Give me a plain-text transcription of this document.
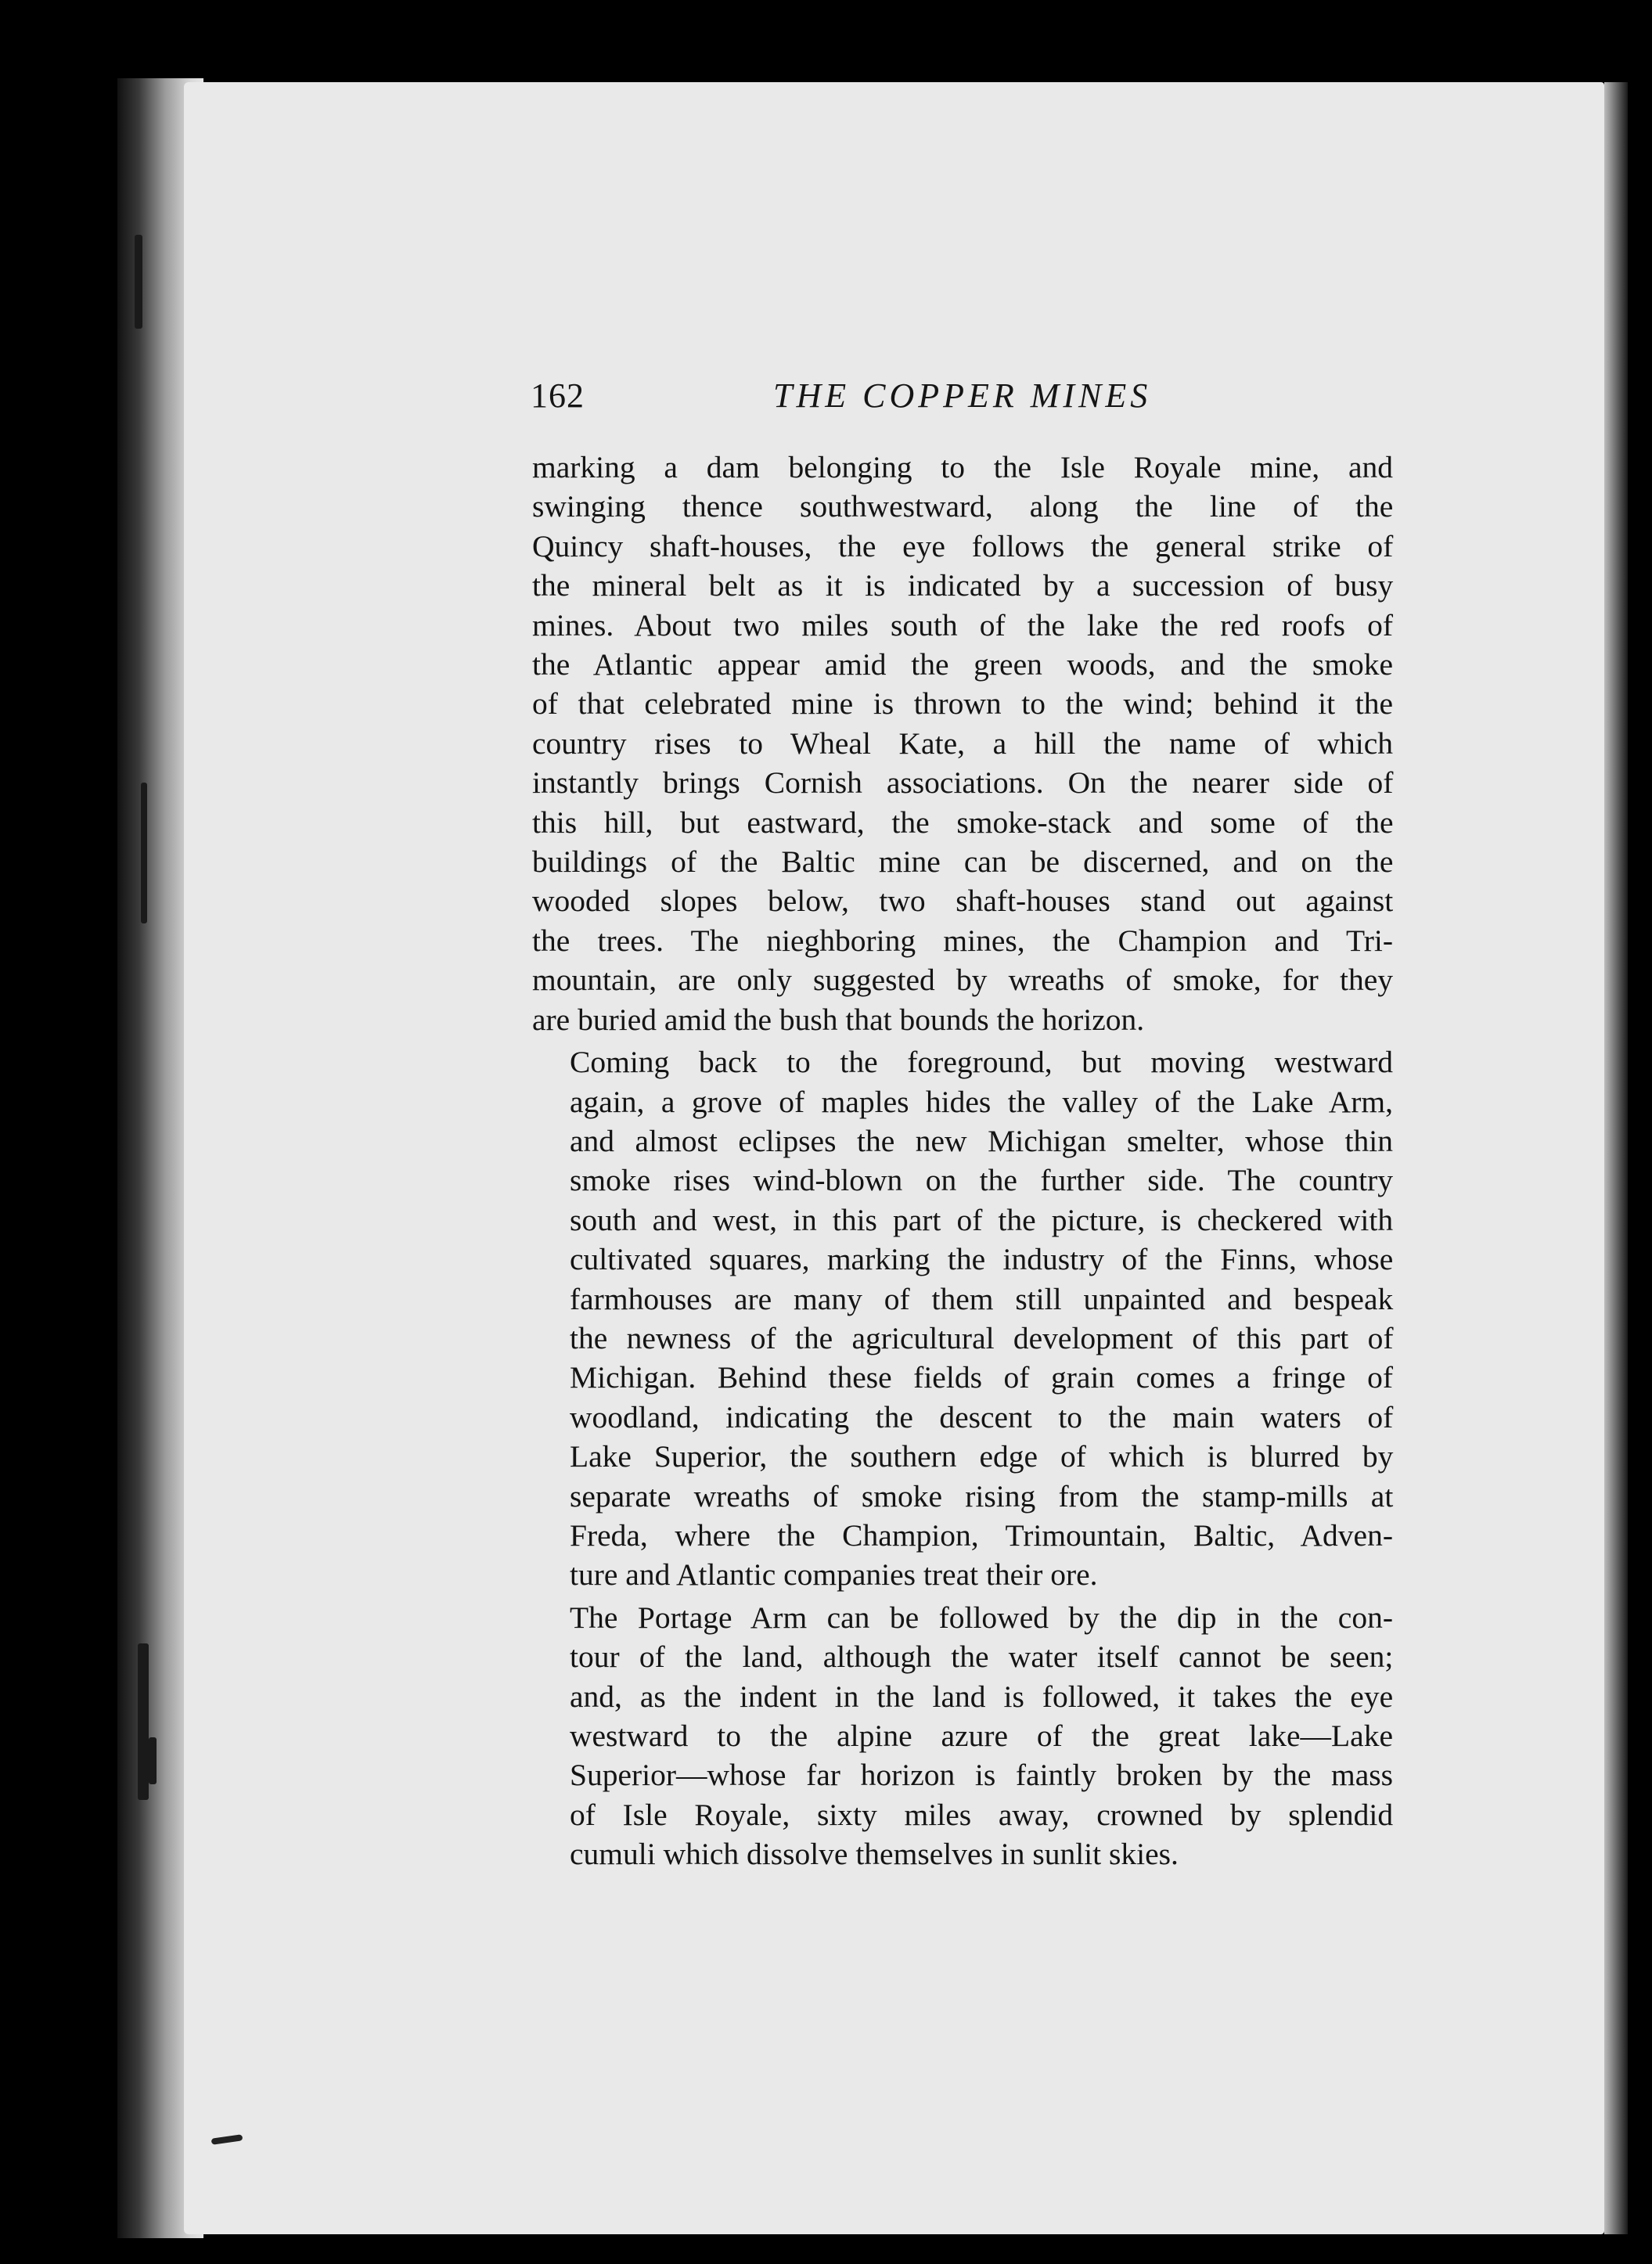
162	THE COPPER MINES
marking a dam belonging to the Isle Royale mine, and
swinging thence southwestward, along the line of the
Quincy shaft-houses, the eye follows the general strike of
the mineral belt as it is indicated by a succession of busy
mines. About two miles south of the lake the red roofs of
the Atlantic appear amid the green woods, and the smoke
of that celebrated mine is thrown to the wind; behind it the
country rises to Wheal Kate, a hill the name of which
instantly brings Cornish associations. On the nearer side of
this hill, but eastward, the smoke-stack and some of the
buildings of the Baltic mine can be discerned, and on the
wooded slopes below, two shaft-houses stand out against
the trees. The nieghboring mines, the Champion and Tri-
mountain, are only suggested by wreaths of smoke, for they
are buried amid the bush that bounds the horizon.
Coming back to the foreground, but moving westward
again, a grove of maples hides the valley of the Lake Arm,
and almost eclipses the new Michigan smelter, whose thin
smoke rises wind-blown on the further side. The country
south and west, in this part of the picture, is checkered with
cultivated squares, marking the industry of the Finns, whose
farmhouses are many of them still unpainted and bespeak
the newness of the agricultural development of this part of
Michigan. Behind these fields of grain comes a fringe of
woodland, indicating the descent to the main waters of
Lake Superior, the southern edge of which is blurred by
separate wreaths of smoke rising from the stamp-mills at
Freda, where the Champion, Trimountain, Baltic, Adven-
ture and Atlantic companies treat their ore.
The Portage Arm can be followed by the dip in the con-
tour of the land, although the water itself cannot be seen;
and, as the indent in the land is followed, it takes the eye
westward to the alpine azure of the great lake—Lake
Superior—whose far horizon is faintly broken by the mass
of Isle Royale, sixty miles away, crowned by splendid
cumuli which dissolve themselves in sunlit skies.
